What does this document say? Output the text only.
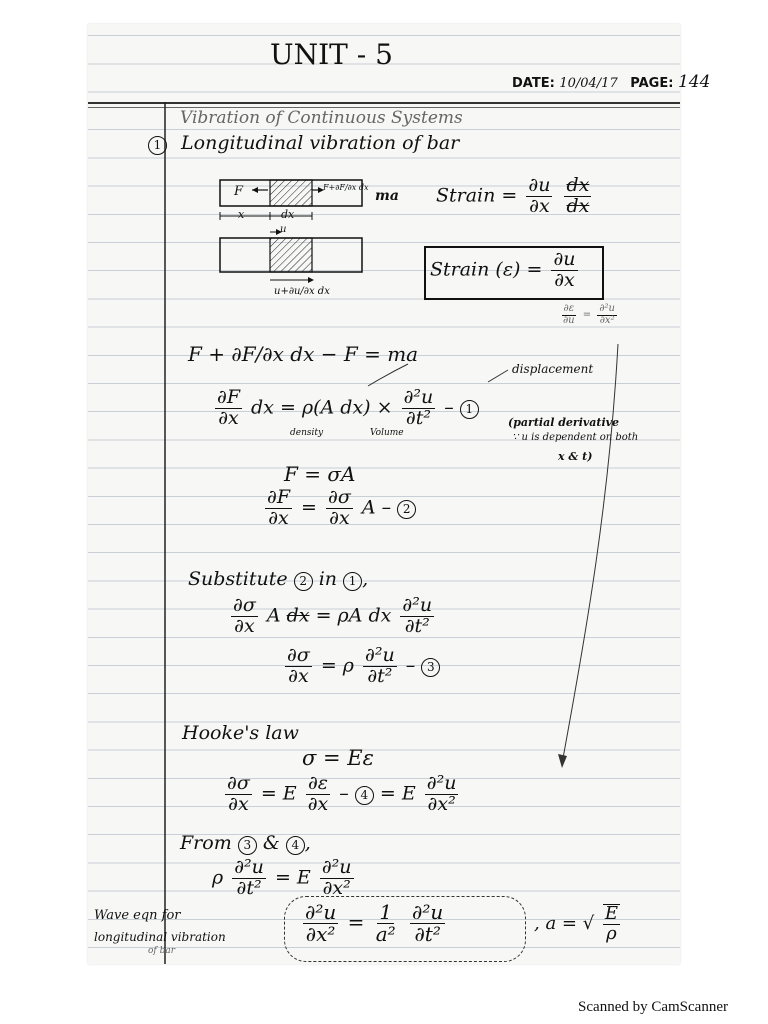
UNIT - 5
DATE: 10/04/17 PAGE: 144
Vibration of Continuous Systems
1 Longitudinal vibration of bar
F	F+∂F/∂x dx
ma
x	dx
Strain = $\frac{\partial u}{\partial x}$
$\frac{dx}{dx}$
u
u+∂u/∂x dx
Strain $(\varepsilon) = \frac{\partial u}{\partial x}$
$\frac{\partial\varepsilon}{\partial u} = \frac{\text{∂²u}}{\text{∂x²}}$
F + ∂F/∂x dx − F = ma
displacement
$\frac{\partial F}{\partial x}$ dx = ρ(A $dx) \times \frac{\text{∂²u}}{\text{∂t²}} - 1$
density	Volume
(partial derivative
∵ u is dependent on both
x & t)
F = σA
$\frac{\partial F}{\partial x} = \frac{\partial\sigma}{\partial x}$ A – 2
Substitute 2 in 1 ,
$\frac{\partial\sigma}{\partial x}$ A dx = ρA dx $\frac{\text{∂²u}}{\text{∂t²}}$
$\frac{\partial\sigma}{\partial x} = \rho \frac{\text{∂²u}}{\text{∂t²}} - 3$
Hooke's law
σ = Eε
$\frac{\partial\sigma}{\partial x} = E \frac{\partial\varepsilon}{\partial x} - 4 = E \frac{\text{∂²u}}{\text{∂x²}}$
From 3 & 4 ,
ρ $\frac{\text{∂²u}}{\text{∂t²}} = E \frac{\text{∂²u}}{\text{∂x²}}$
Wave eqn for
longitudinal vibration
of bar
$\frac{\text{∂²u}}{\text{∂x²}} = \frac{1}{\text{a²}}$
$\frac{\text{∂²u}}{\text{∂t²}}$	, a = √ $\frac{E}{\rho}$
Scanned by CamScanner
